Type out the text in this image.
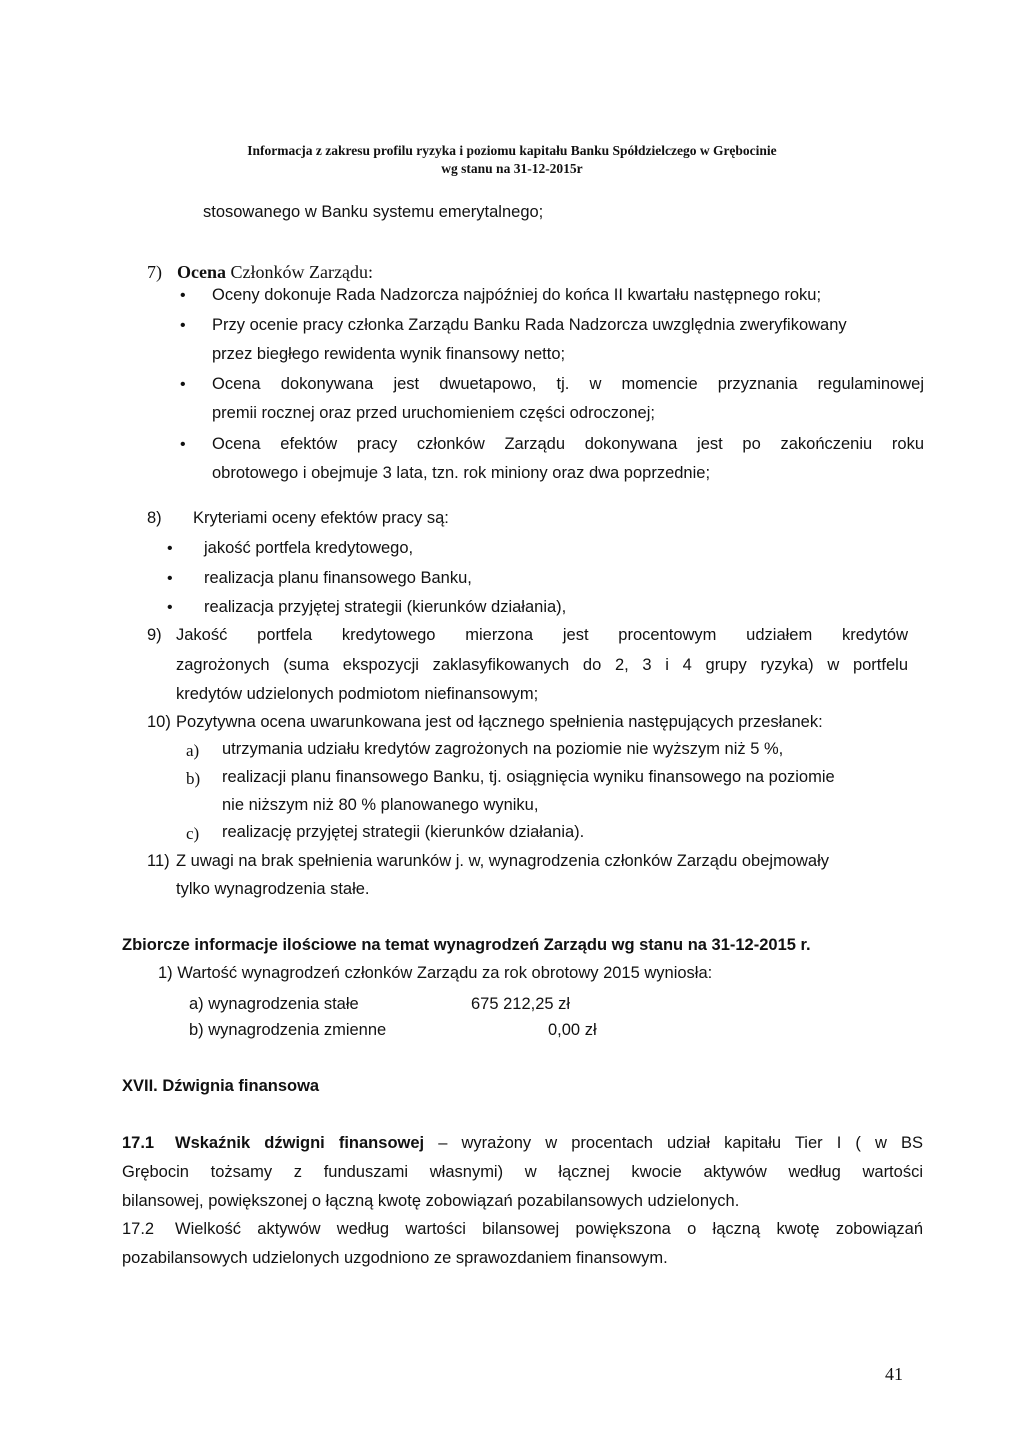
Informacja z zakresu profilu ryzyka i poziomu kapitału Banku Spółdzielczego w Grębocinie
wg stanu na 31-12-2015r
stosowanego w Banku systemu emerytalnego;
7) Ocena Członków Zarządu:
• Oceny dokonuje Rada Nadzorcza najpóźniej do końca II kwartału następnego roku;
• Przy ocenie pracy członka Zarządu Banku Rada Nadzorcza uwzględnia zweryfikowany
przez biegłego rewidenta wynik finansowy netto;
• Ocena dokonywana jest dwuetapowo, tj. w momencie przyznania regulaminowej
premii rocznej oraz przed uruchomieniem części odroczonej;
• Ocena efektów pracy członków Zarządu dokonywana jest po zakończeniu roku
obrotowego i obejmuje 3 lata, tzn. rok miniony oraz dwa poprzednie;
8) Kryteriami oceny efektów pracy są:
• jakość portfela kredytowego,
• realizacja planu finansowego Banku,
• realizacja przyjętej strategii (kierunków działania),
9) Jakość portfela kredytowego mierzona jest procentowym udziałem kredytów
zagrożonych (suma ekspozycji zaklasyfikowanych do 2, 3 i 4 grupy ryzyka) w portfelu
kredytów udzielonych podmiotom niefinansowym;
10) Pozytywna ocena uwarunkowana jest od łącznego spełnienia następujących przesłanek:
a) utrzymania udziału kredytów zagrożonych na poziomie nie wyższym niż 5 %,
b) realizacji planu finansowego Banku, tj. osiągnięcia wyniku finansowego na poziomie
nie niższym niż 80 % planowanego wyniku,
c) realizację przyjętej strategii (kierunków działania).
11) Z uwagi na brak spełnienia warunków j. w, wynagrodzenia członków Zarządu obejmowały
tylko wynagrodzenia stałe.
Zbiorcze informacje ilościowe na temat wynagrodzeń Zarządu wg stanu na 31-12-2015 r.
1) Wartość wynagrodzeń członków Zarządu za rok obrotowy 2015 wyniosła:
a) wynagrodzenia stałe	675 212,25 zł
b) wynagrodzenia zmienne	0,00 zł
XVII. Dźwignia finansowa
17.1 Wskaźnik dźwigni finansowej – wyrażony w procentach udział kapitału Tier I ( w BS
Grębocin tożsamy z funduszami własnymi) w łącznej kwocie aktywów według wartości
bilansowej, powiększonej o łączną kwotę zobowiązań pozabilansowych udzielonych.
17.2 Wielkość aktywów według wartości bilansowej powiększona o łączną kwotę zobowiązań
pozabilansowych udzielonych uzgodniono ze sprawozdaniem finansowym.
41
